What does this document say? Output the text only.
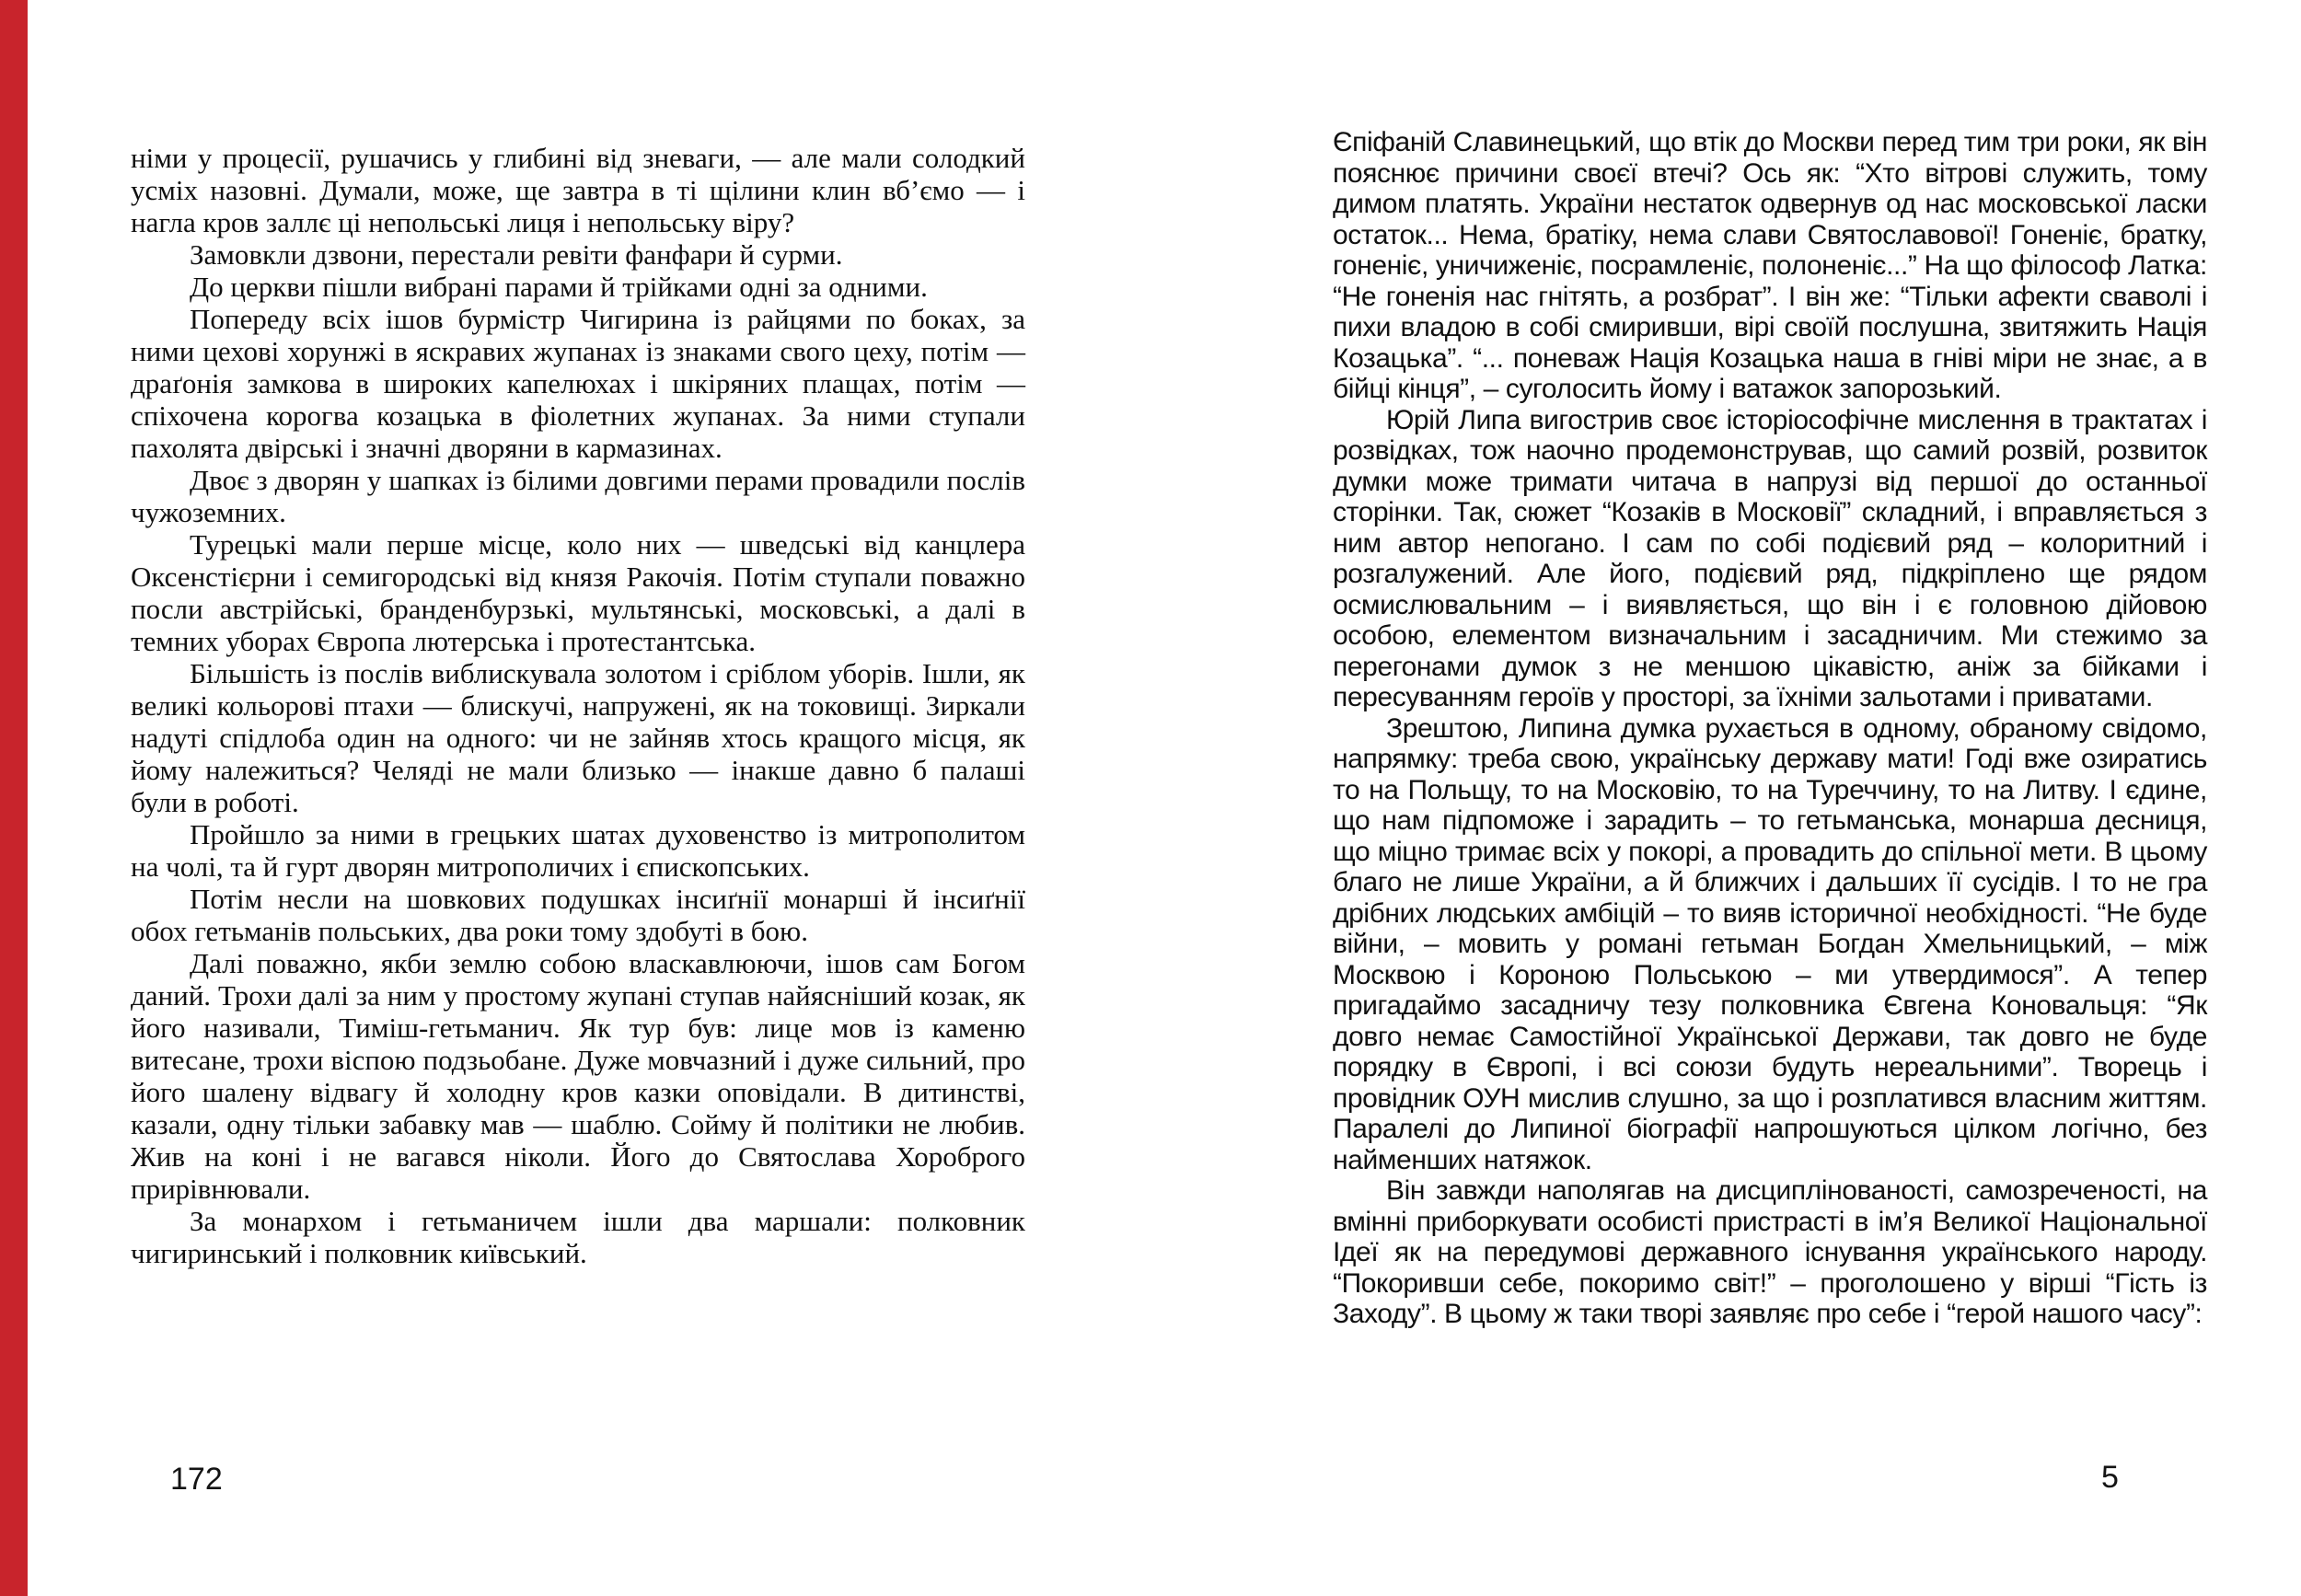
німи у процесії, рушачись у глибині від зневаги, — але мали солодкий усміх назовні. Думали, може, ще завтра в ті щілини клин вб’ємо — і нагла кров заллє ці непольські лиця і непольську віру?

Замовкли дзвони, перестали ревіти фанфари й сурми.

До церкви пішли вибрані парами й трійками одні за одними.

Попереду всіх ішов бурмістр Чигирина із райцями по боках, за ними цехові хорунжі в яскравих жупанах із знаками свого цеху, потім — драґонія замкова в широких капелюхах і шкіряних плащах, потім — спіхочена корогва козацька в фіолетних жупанах. За ними ступали пахолята двірські і значні дворяни в кармазинах.

Двоє з дворян у шапках із білими довгими перами провадили послів чужоземних.

Турецькі мали перше місце, коло них — шведські від канцлера Оксенстієрни і семигородські від князя Ракочія. Потім ступали поважно посли австрійські, бранденбурзькі, мультянські, московські, а далі в темних уборах Європа лютерська і протестантська.

Більшість із послів виблискувала золотом і сріблом уборів. Ішли, як великі кольорові птахи — блискучі, напружені, як на токовищі. Зиркали надуті спідлоба один на одного: чи не зайняв хтось кращого місця, як йому належиться? Челяді не мали близько — інакше давно б палаші були в роботі.

Пройшло за ними в грецьких шатах духовенство із митрополитом на чолі, та й гурт дворян митрополичих і єпископських.

Потім несли на шовкових подушках інсиґнії монарші й інсиґнії обох гетьманів польських, два роки тому здобуті в бою.

Далі поважно, якби землю собою власкавлюючи, ішов сам Богом даний. Трохи далі за ним у простому жупані ступав найясніший козак, як його називали, Тиміш-гетьманич. Як тур був: лице мов із каменю витесане, трохи віспою подзьобане. Дуже мовчазний і дуже сильний, про його шалену відвагу й холодну кров казки оповідали. В дитинстві, казали, одну тільки забавку мав — шаблю. Сойму й політики не любив. Жив на коні і не вагався ніколи. Його до Святослава Хороброго прирівнювали.

За монархом і гетьманичем ішли два маршали: полковник чигиринський і полковник київський.

172

Єпіфаній Славинецький, що втік до Москви перед тим три роки, як він пояснює причини своєї втечі? Ось як: “Хто вітрові служить, тому димом платять. України нестаток одвернув од нас московської ласки остаток... Нема, братіку, нема слави Святославової! Гоненіє, братку, гоненіє, уничиженіє, посрамленіє, полоненіє...” На що філософ Латка: “Не гоненія нас гнітять, а розбрат”. І він же: “Тільки афекти сваволі і пихи владою в собі смиривши, вірі своїй послушна, звитяжить Нація Козацька”. “... поневаж Нація Козацька наша в гніві міри не знає, а в бійці кінця”, – суголосить йому і ватажок запорозький.

Юрій Липа вигострив своє історіософічне мислення в трактатах і розвідках, тож наочно продемонстрував, що самий розвій, розвиток думки може тримати читача в напрузі від першої до останньої сторінки. Так, сюжет “Козаків в Московії” складний, і вправляється з ним автор непогано. І сам по собі подієвий ряд – колоритний і розгалужений. Але його, подієвий ряд, підкріплено ще рядом осмислювальним – і виявляється, що він і є головною дійовою особою, елементом визначальним і засадничим. Ми стежимо за перегонами думок з не меншою цікавістю, аніж за бійками і пересуванням героїв у просторі, за їхніми зальотами і приватами.

Зрештою, Липина думка рухається в одному, обраному свідомо, напрямку: треба свою, українську державу мати! Годі вже озиратись то на Польщу, то на Московію, то на Туреччину, то на Литву. І єдине, що нам підпоможе і зарадить – то гетьманська, монарша десниця, що міцно тримає всіх у покорі, а провадить до спільної мети. В цьому благо не лише України, а й ближчих і дальших її сусідів. І то не гра дрібних людських амбіцій – то вияв історичної необхідності. “Не буде війни, – мовить у романі гетьман Богдан Хмельницький, – між Москвою і Короною Польською – ми утвердимося”. А тепер пригадаймо засадничу тезу полковника Євгена Коновальця: “Як довго немає Самостійної Української Держави, так довго не буде порядку в Європі, і всі союзи будуть нереальними”. Творець і провідник ОУН мислив слушно, за що і розплатився власним життям. Паралелі до Липиної біографії напрошуються цілком логічно, без найменших натяжок.

Він завжди наполягав на дисциплінованості, самозреченості, на вмінні приборкувати особисті пристрасті в ім’я Великої Національної Ідеї як на передумові державного існування українського народу. “Покоривши себе, покоримо світ!” – проголошено у вірші “Гість із Заходу”. В цьому ж таки творі заявляє про себе і “герой нашого часу”:

5
